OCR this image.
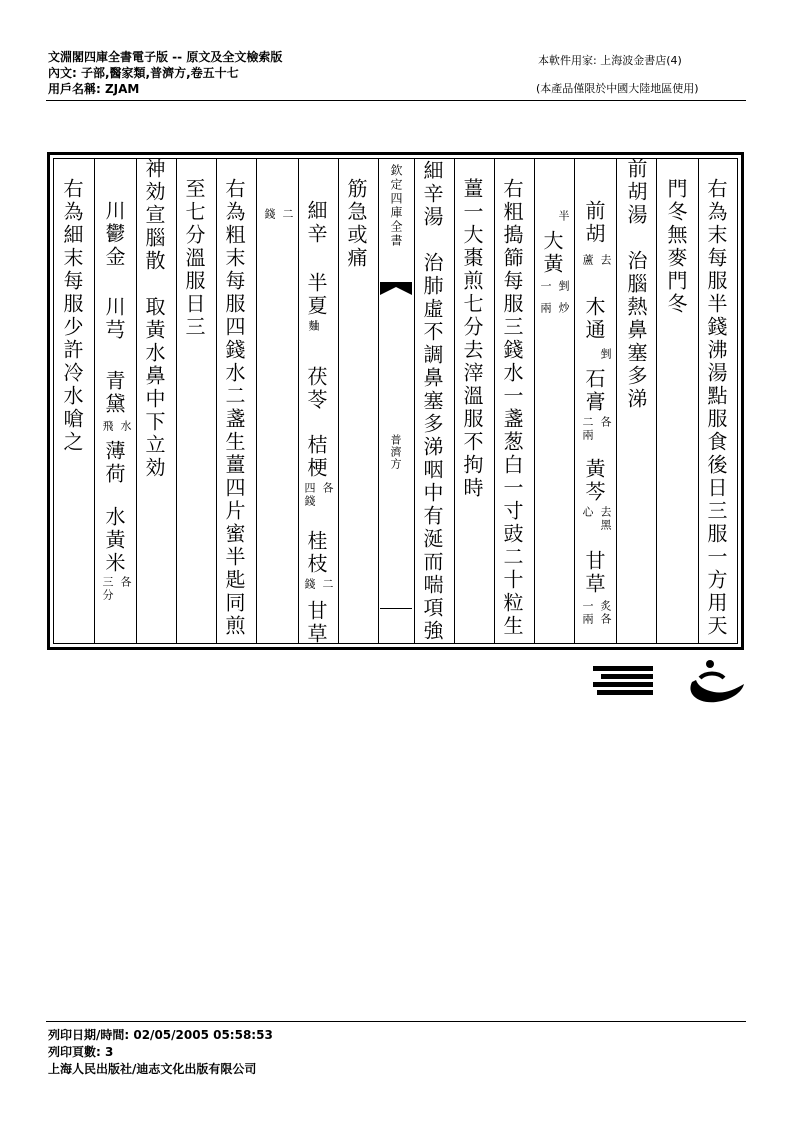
文淵閣四庫全書電子版 -- 原文及全文檢索版
內文: 子部,醫家類,普濟方,卷五十七
用戶名稱: ZJAM
本軟件用家: 上海波金書店(4)
(本產品僅限於中國大陸地區使用)
右為末每服半錢沸湯點服食後日三服一方用天
門冬無麥門冬
前胡湯　治腦熱鼻塞多涕
前胡
去
蘆
木通
剉
石膏
各
二兩
黃芩
去黑
心
甘草
炙各
一兩
半
大黃
剉
一
炒
兩
右粗搗篩每服三錢水一盞葱白一寸豉二十粒生
薑一大棗煎七分去滓溫服不拘時
細辛湯　治肺虛不調鼻塞多涕咽中有涎而喘項強
欽定四庫全書
普濟方
筋急或痛
細辛
半夏
麯
茯苓
桔梗
各
四錢
桂枝
二
錢
甘草
二
錢
右為粗末每服四錢水二盞生薑四片蜜半匙同煎
至七分溫服日三
神効宣腦散　取黃水鼻中下立効
川鬱金
川芎
青黛
水
飛
薄荷
水黃米
各
三分
右為細末每服少許冷水嗆之
列印日期/時間: 02/05/2005 05:58:53
列印頁數: 3
上海人民出版社/迪志文化出版有限公司
